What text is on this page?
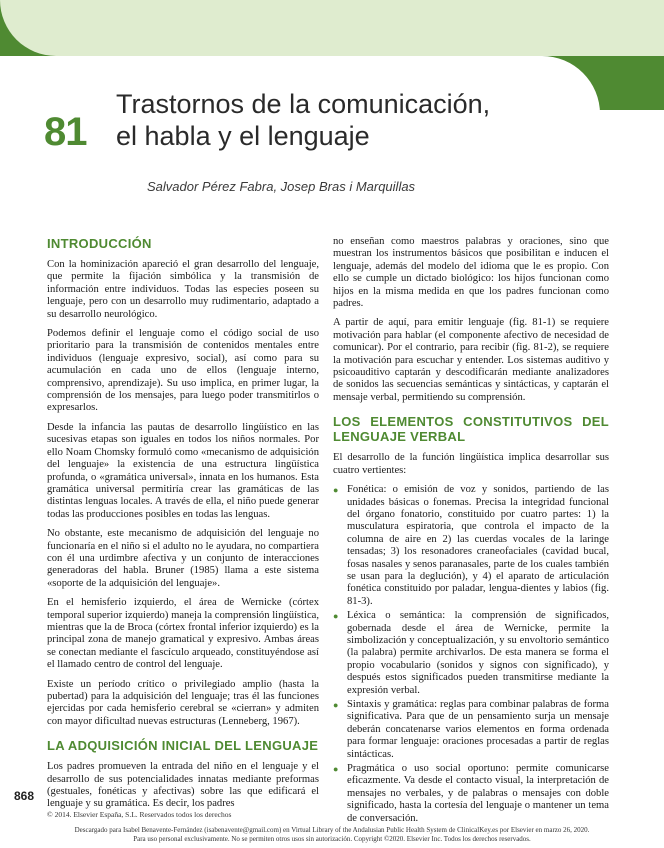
81
Trastornos de la comunicación,
el habla y el lenguaje
Salvador Pérez Fabra, Josep Bras i Marquillas
INTRODUCCIÓN

Con la hominización apareció el gran desarrollo del lenguaje, que permite la fijación simbólica y la transmisión de información entre individuos. Todas las especies poseen su lenguaje, pero con un desarrollo muy rudimentario, adaptado a su desarrollo neurológico.

Podemos definir el lenguaje como el código social de uso prioritario para la transmisión de contenidos mentales entre individuos (lenguaje expresivo, social), así como para su acumulación en cada uno de ellos (lenguaje interno, comprensivo, aprendizaje). Su uso implica, en primer lugar, la comprensión de los mensajes, para luego poder transmitirlos o expresarlos.

Desde la infancia las pautas de desarrollo lingüístico en las sucesivas etapas son iguales en todos los niños normales. Por ello Noam Chomsky formuló como «mecanismo de adquisición del lenguaje» la existencia de una estructura lingüística profunda, o «gramática universal», innata en los humanos. Esta gramática universal permitiría crear las gramáticas de las distintas lenguas locales. A través de ella, el niño puede generar todas las producciones posibles en todas las lenguas.

No obstante, este mecanismo de adquisición del lenguaje no funcionaría en el niño si el adulto no le ayudara, no compartiera con él una urdimbre afectiva y un conjunto de interacciones generadoras del habla. Bruner (1985) llama a este sistema «soporte de la adquisición del lenguaje».

En el hemisferio izquierdo, el área de Wernicke (córtex temporal superior izquierdo) maneja la comprensión lingüística, mientras que la de Broca (córtex frontal inferior izquierdo) es la principal zona de manejo gramatical y expresivo. Ambas áreas se conectan mediante el fascículo arqueado, constituyéndose así el llamado centro de control del lenguaje.

Existe un período crítico o privilegiado amplio (hasta la pubertad) para la adquisición del lenguaje; tras él las funciones ejercidas por cada hemisferio cerebral se «cierran» y admiten con mayor dificultad nuevas estructuras (Lenneberg, 1967).

LA ADQUISICIÓN INICIAL DEL LENGUAJE

Los padres promueven la entrada del niño en el lenguaje y el desarrollo de sus potencialidades innatas mediante preformas (gestuales, fonéticas y afectivas) sobre las que edificará el lenguaje y su gramática. Es decir, los padres

no enseñan como maestros palabras y oraciones, sino que muestran los instrumentos básicos que posibilitan e inducen el lenguaje, además del modelo del idioma que le es propio. Con ello se cumple un dictado biológico: los hijos funcionan como hijos en la misma medida en que los padres funcionan como padres.

A partir de aquí, para emitir lenguaje (fig. 81-1) se requiere motivación para hablar (el componente afectivo de necesidad de comunicar). Por el contrario, para recibir (fig. 81-2), se requiere la motivación para escuchar y entender. Los sistemas auditivo y psicoauditivo captarán y descodificarán mediante analizadores de sonidos las secuencias semánticas y sintácticas, y captarán el mensaje verbal, permitiendo su comprensión.

LOS ELEMENTOS CONSTITUTIVOS DEL LENGUAJE VERBAL

El desarrollo de la función lingüística implica desarrollar sus cuatro vertientes:

● Fonética: o emisión de voz y sonidos, partiendo de las unidades básicas o fonemas. Precisa la integridad funcional del órgano fonatorio, constituido por cuatro partes: 1) la musculatura espiratoria, que controla el impacto de la columna de aire en 2) las cuerdas vocales de la laringe tensadas; 3) los resonadores craneofaciales (cavidad bucal, fosas nasales y senos paranasales, parte de los cuales también se usan para la deglución), y 4) el aparato de articulación fonética constituido por paladar, lengua-dientes y labios (fig. 81-3).
● Léxica o semántica: la comprensión de significados, gobernada desde el área de Wernicke, permite la simbolización y conceptualización, y su envoltorio semántico (la palabra) permite archivarlos. De esta manera se forma el propio vocabulario (sonidos y signos con significado), y después estos significados pueden transmitirse mediante la expresión verbal.
● Sintaxis y gramática: reglas para combinar palabras de forma significativa. Para que de un pensamiento surja un mensaje deberán concatenarse varios elementos en forma ordenada para formar lenguaje: oraciones procesadas a partir de reglas sintácticas.
● Pragmática o uso social oportuno: permite comunicarse eficazmente. Va desde el contacto visual, la interpretación de mensajes no verbales, y de palabras o mensajes con doble significado, hasta la cortesía del lenguaje o mantener un tema de conversación.
868
© 2014. Elsevier España, S.L. Reservados todos los derechos
Descargado para Isabel Benavente-Fernández (isabenavente@gmail.com) en Virtual Library of the Andalusian Public Health System de ClinicalKey.es por Elsevier en marzo 26, 2020.
Para uso personal exclusivamente. No se permiten otros usos sin autorización. Copyright ©2020. Elsevier Inc. Todos los derechos reservados.
